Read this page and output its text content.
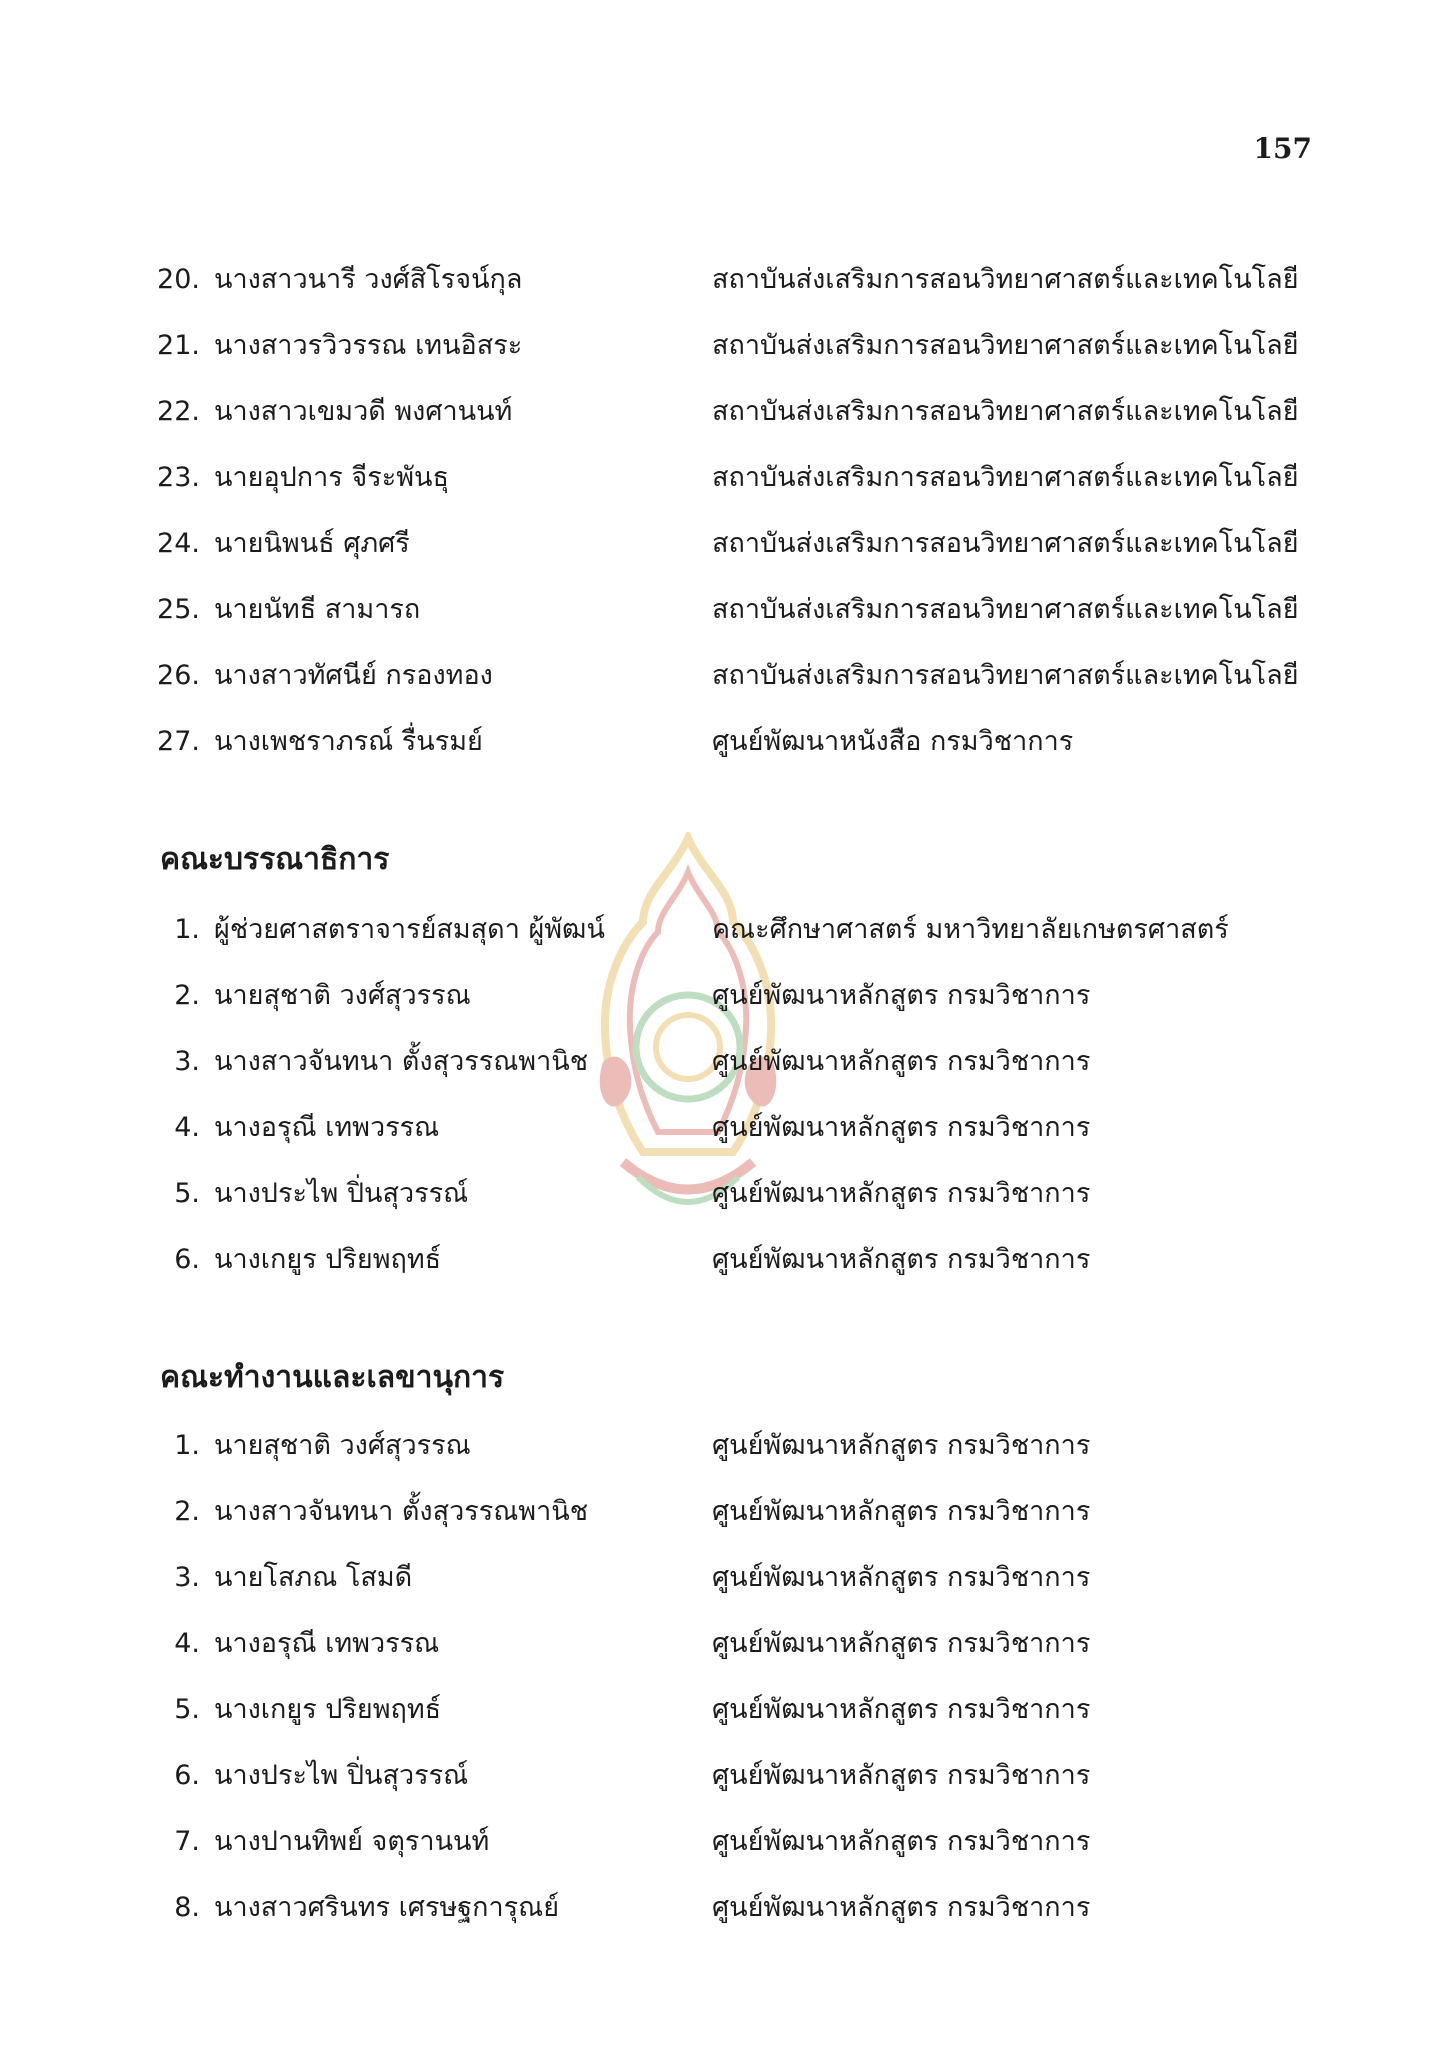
157
20. นางสาวนารี วงศ์สิโรจน์กุล	สถาบันส่งเสริมการสอนวิทยาศาสตร์และเทคโนโลยี
21. นางสาวรวิวรรณ เทนอิสระ	สถาบันส่งเสริมการสอนวิทยาศาสตร์และเทคโนโลยี
22. นางสาวเขมวดี พงศานนท์	สถาบันส่งเสริมการสอนวิทยาศาสตร์และเทคโนโลยี
23. นายอุปการ จีระพันธุ	สถาบันส่งเสริมการสอนวิทยาศาสตร์และเทคโนโลยี
24. นายนิพนธ์ ศุภศรี	สถาบันส่งเสริมการสอนวิทยาศาสตร์และเทคโนโลยี
25. นายนัทธี สามารถ	สถาบันส่งเสริมการสอนวิทยาศาสตร์และเทคโนโลยี
26. นางสาวทัศนีย์ กรองทอง	สถาบันส่งเสริมการสอนวิทยาศาสตร์และเทคโนโลยี
27. นางเพชราภรณ์ รื่นรมย์	ศูนย์พัฒนาหนังสือ กรมวิชาการ
คณะบรรณาธิการ
1. ผู้ช่วยศาสตราจารย์สมสุดา ผู้พัฒน์	คณะศึกษาศาสตร์ มหาวิทยาลัยเกษตรศาสตร์
2. นายสุชาติ วงศ์สุวรรณ	ศูนย์พัฒนาหลักสูตร กรมวิชาการ
3. นางสาวจันทนา ตั้งสุวรรณพานิช	ศูนย์พัฒนาหลักสูตร กรมวิชาการ
4. นางอรุณี เทพวรรณ	ศูนย์พัฒนาหลักสูตร กรมวิชาการ
5. นางประไพ ปิ่นสุวรรณ์	ศูนย์พัฒนาหลักสูตร กรมวิชาการ
6. นางเกยูร ปริยพฤทธ์	ศูนย์พัฒนาหลักสูตร กรมวิชาการ
คณะทำงานและเลขานุการ
1. นายสุชาติ วงศ์สุวรรณ	ศูนย์พัฒนาหลักสูตร กรมวิชาการ
2. นางสาวจันทนา ตั้งสุวรรณพานิช	ศูนย์พัฒนาหลักสูตร กรมวิชาการ
3. นายโสภณ โสมดี	ศูนย์พัฒนาหลักสูตร กรมวิชาการ
4. นางอรุณี เทพวรรณ	ศูนย์พัฒนาหลักสูตร กรมวิชาการ
5. นางเกยูร ปริยพฤทธ์	ศูนย์พัฒนาหลักสูตร กรมวิชาการ
6. นางประไพ ปิ่นสุวรรณ์	ศูนย์พัฒนาหลักสูตร กรมวิชาการ
7. นางปานทิพย์ จตุรานนท์	ศูนย์พัฒนาหลักสูตร กรมวิชาการ
8. นางสาวศรินทร เศรษฐการุณย์	ศูนย์พัฒนาหลักสูตร กรมวิชาการ
